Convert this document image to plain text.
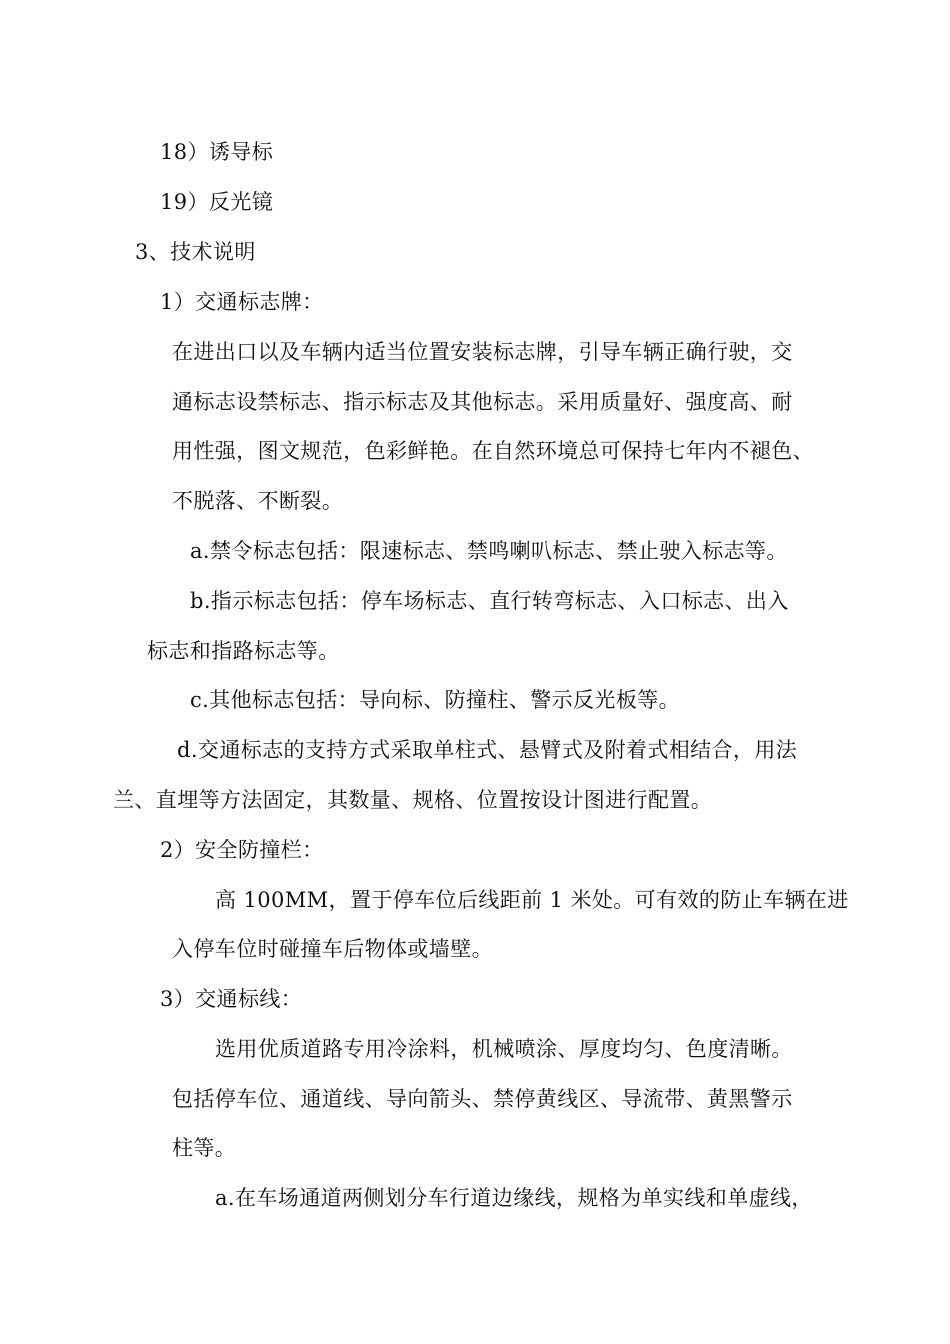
18）诱导标
19）反光镜
3、技术说明
1）交通标志牌：
在进出口以及车辆内适当位置安装标志牌，引导车辆正确行驶，交
通标志设禁标志、指示标志及其他标志。采用质量好、强度高、耐
用性强，图文规范，色彩鲜艳。在自然环境总可保持七年内不褪色、
不脱落、不断裂。
a.禁令标志包括：限速标志、禁鸣喇叭标志、禁止驶入标志等。
b.指示标志包括：停车场标志、直行转弯标志、入口标志、出入
标志和指路标志等。
c.其他标志包括：导向标、防撞柱、警示反光板等。
d.交通标志的支持方式采取单柱式、悬臂式及附着式相结合，用法
兰、直埋等方法固定，其数量、规格、位置按设计图进行配置。
2）安全防撞栏：
高 100MM，置于停车位后线距前 1 米处。可有效的防止车辆在进
入停车位时碰撞车后物体或墙壁。
3）交通标线：
选用优质道路专用冷涂料，机械喷涂、厚度均匀、色度清晰。
包括停车位、通道线、导向箭头、禁停黄线区、导流带、黄黑警示
柱等。
a.在车场通道两侧划分车行道边缘线，规格为单实线和单虚线，
